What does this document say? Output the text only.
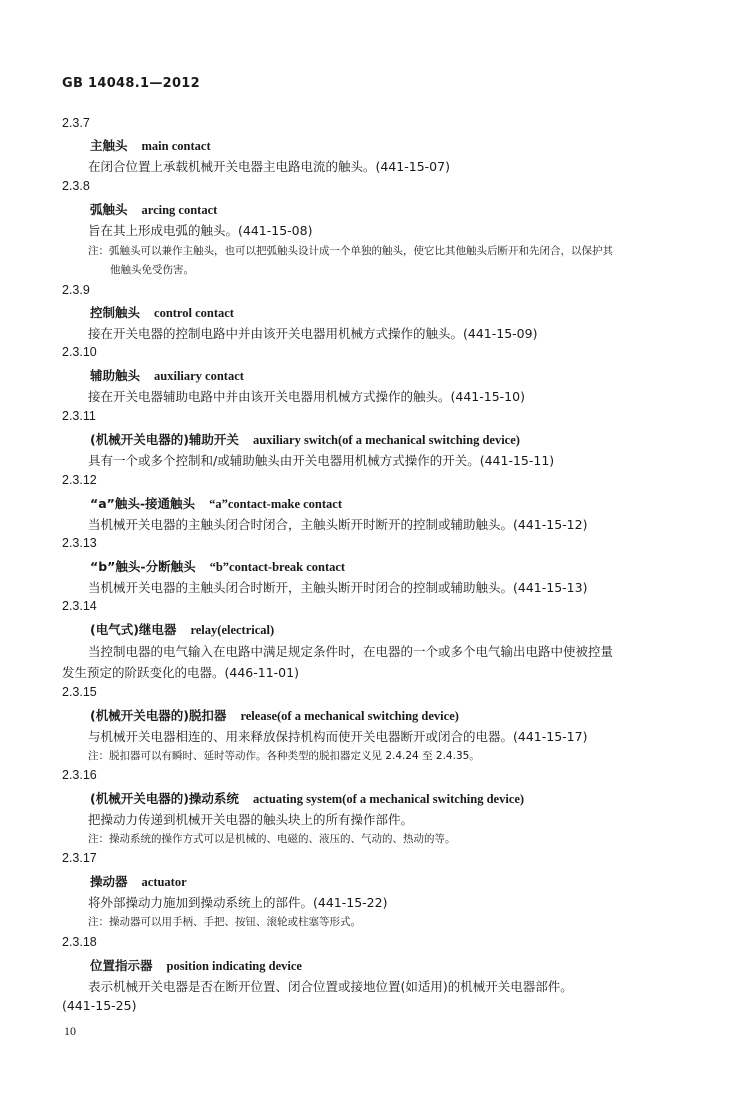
GB 14048.1—2012
2.3.7
主触头 main contact
在闭合位置上承载机械开关电器主电路电流的触头。(441-15-07)
2.3.8
弧触头 arcing contact
旨在其上形成电弧的触头。(441-15-08)
注：弧触头可以兼作主触头，也可以把弧触头设计成一个单独的触头，使它比其他触头后断开和先闭合，以保护其
他触头免受伤害。
2.3.9
控制触头 control contact
接在开关电器的控制电路中并由该开关电器用机械方式操作的触头。(441-15-09)
2.3.10
辅助触头 auxiliary contact
接在开关电器辅助电路中并由该开关电器用机械方式操作的触头。(441-15-10)
2.3.11
(机械开关电器的)辅助开关 auxiliary switch(of a mechanical switching device)
具有一个或多个控制和/或辅助触头由开关电器用机械方式操作的开关。(441-15-11)
2.3.12
“a”触头-接通触头 “a”contact-make contact
当机械开关电器的主触头闭合时闭合，主触头断开时断开的控制或辅助触头。(441-15-12)
2.3.13
“b”触头-分断触头 “b”contact-break contact
当机械开关电器的主触头闭合时断开，主触头断开时闭合的控制或辅助触头。(441-15-13)
2.3.14
(电气式)继电器 relay(electrical)
当控制电器的电气输入在电路中满足规定条件时，在电器的一个或多个电气输出电路中使被控量
发生预定的阶跃变化的电器。(446-11-01)
2.3.15
(机械开关电器的)脱扣器 release(of a mechanical switching device)
与机械开关电器相连的、用来释放保持机构而使开关电器断开或闭合的电器。(441-15-17)
注：脱扣器可以有瞬时、延时等动作。各种类型的脱扣器定义见 2.4.24 至 2.4.35。
2.3.16
(机械开关电器的)操动系统 actuating system(of a mechanical switching device)
把操动力传递到机械开关电器的触头块上的所有操作部件。
注：操动系统的操作方式可以是机械的、电磁的、液压的、气动的、热动的等。
2.3.17
操动器 actuator
将外部操动力施加到操动系统上的部件。(441-15-22)
注：操动器可以用手柄、手把、按钮、滚轮或柱塞等形式。
2.3.18
位置指示器 position indicating device
表示机械开关电器是否在断开位置、闭合位置或接地位置(如适用)的机械开关电器部件。
(441-15-25)
10
